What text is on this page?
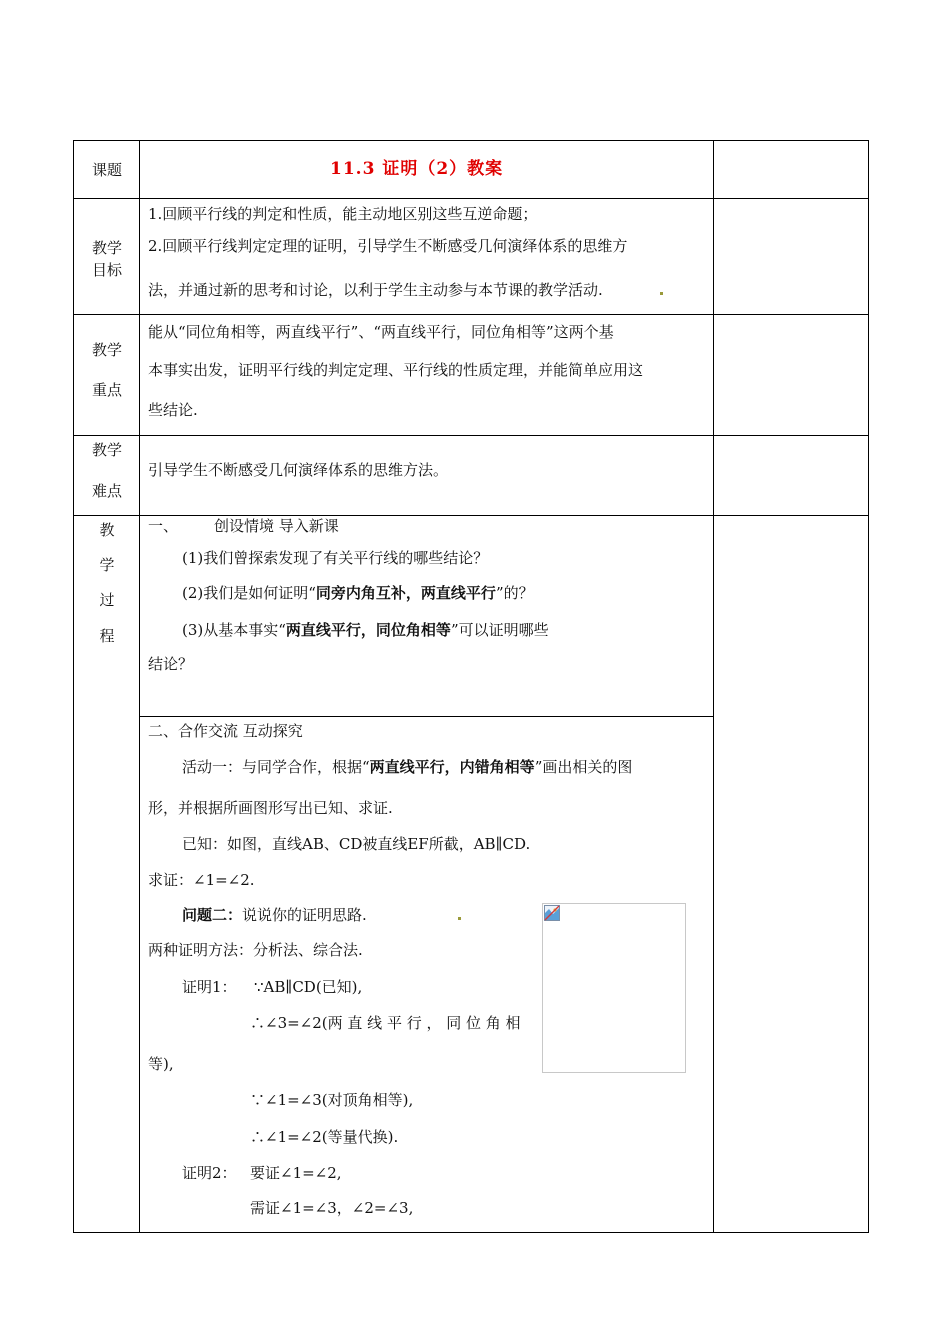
课题	11.3 证明（2）教案
教学
目标
1.回顾平行线的判定和性质，能主动地区别这些互逆命题；
2.回顾平行线判定定理的证明，引导学生不断感受几何演绎体系的思维方
法，并通过新的思考和讨论，以利于学生主动参与本节课的教学活动.
教学
重点
能从“同位角相等，两直线平行”、“两直线平行，同位角相等”这两个基
本事实出发，证明平行线的判定定理、平行线的性质定理，并能简单应用这
些结论.
教学
难点
引导学生不断感受几何演绎体系的思维方法。
教
学
过
程
一、 创设情境 导入新课
(1)我们曾探索发现了有关平行线的哪些结论？
(2)我们是如何证明“同旁内角互补，两直线平行”的？
(3)从基本事实“两直线平行，同位角相等”可以证明哪些
结论？
二、合作交流 互动探究
活动一：与同学合作，根据“两直线平行，内错角相等”画出相关的图
形，并根据所画图形写出已知、求证.
已知：如图，直线AB、CD被直线EF所截，AB∥CD.
求证：∠1=∠2.
问题二：说说你的证明思路.
两种证明方法：分析法、综合法.
证明1： ∵AB∥CD(已知),
∴∠3=∠2(两 直 线 平 行 ， 同 位 角 相
等),
∵∠1=∠3(对顶角相等),
∴∠1=∠2(等量代换).
证明2： 要证∠1=∠2,
需证∠1=∠3，∠2=∠3,
